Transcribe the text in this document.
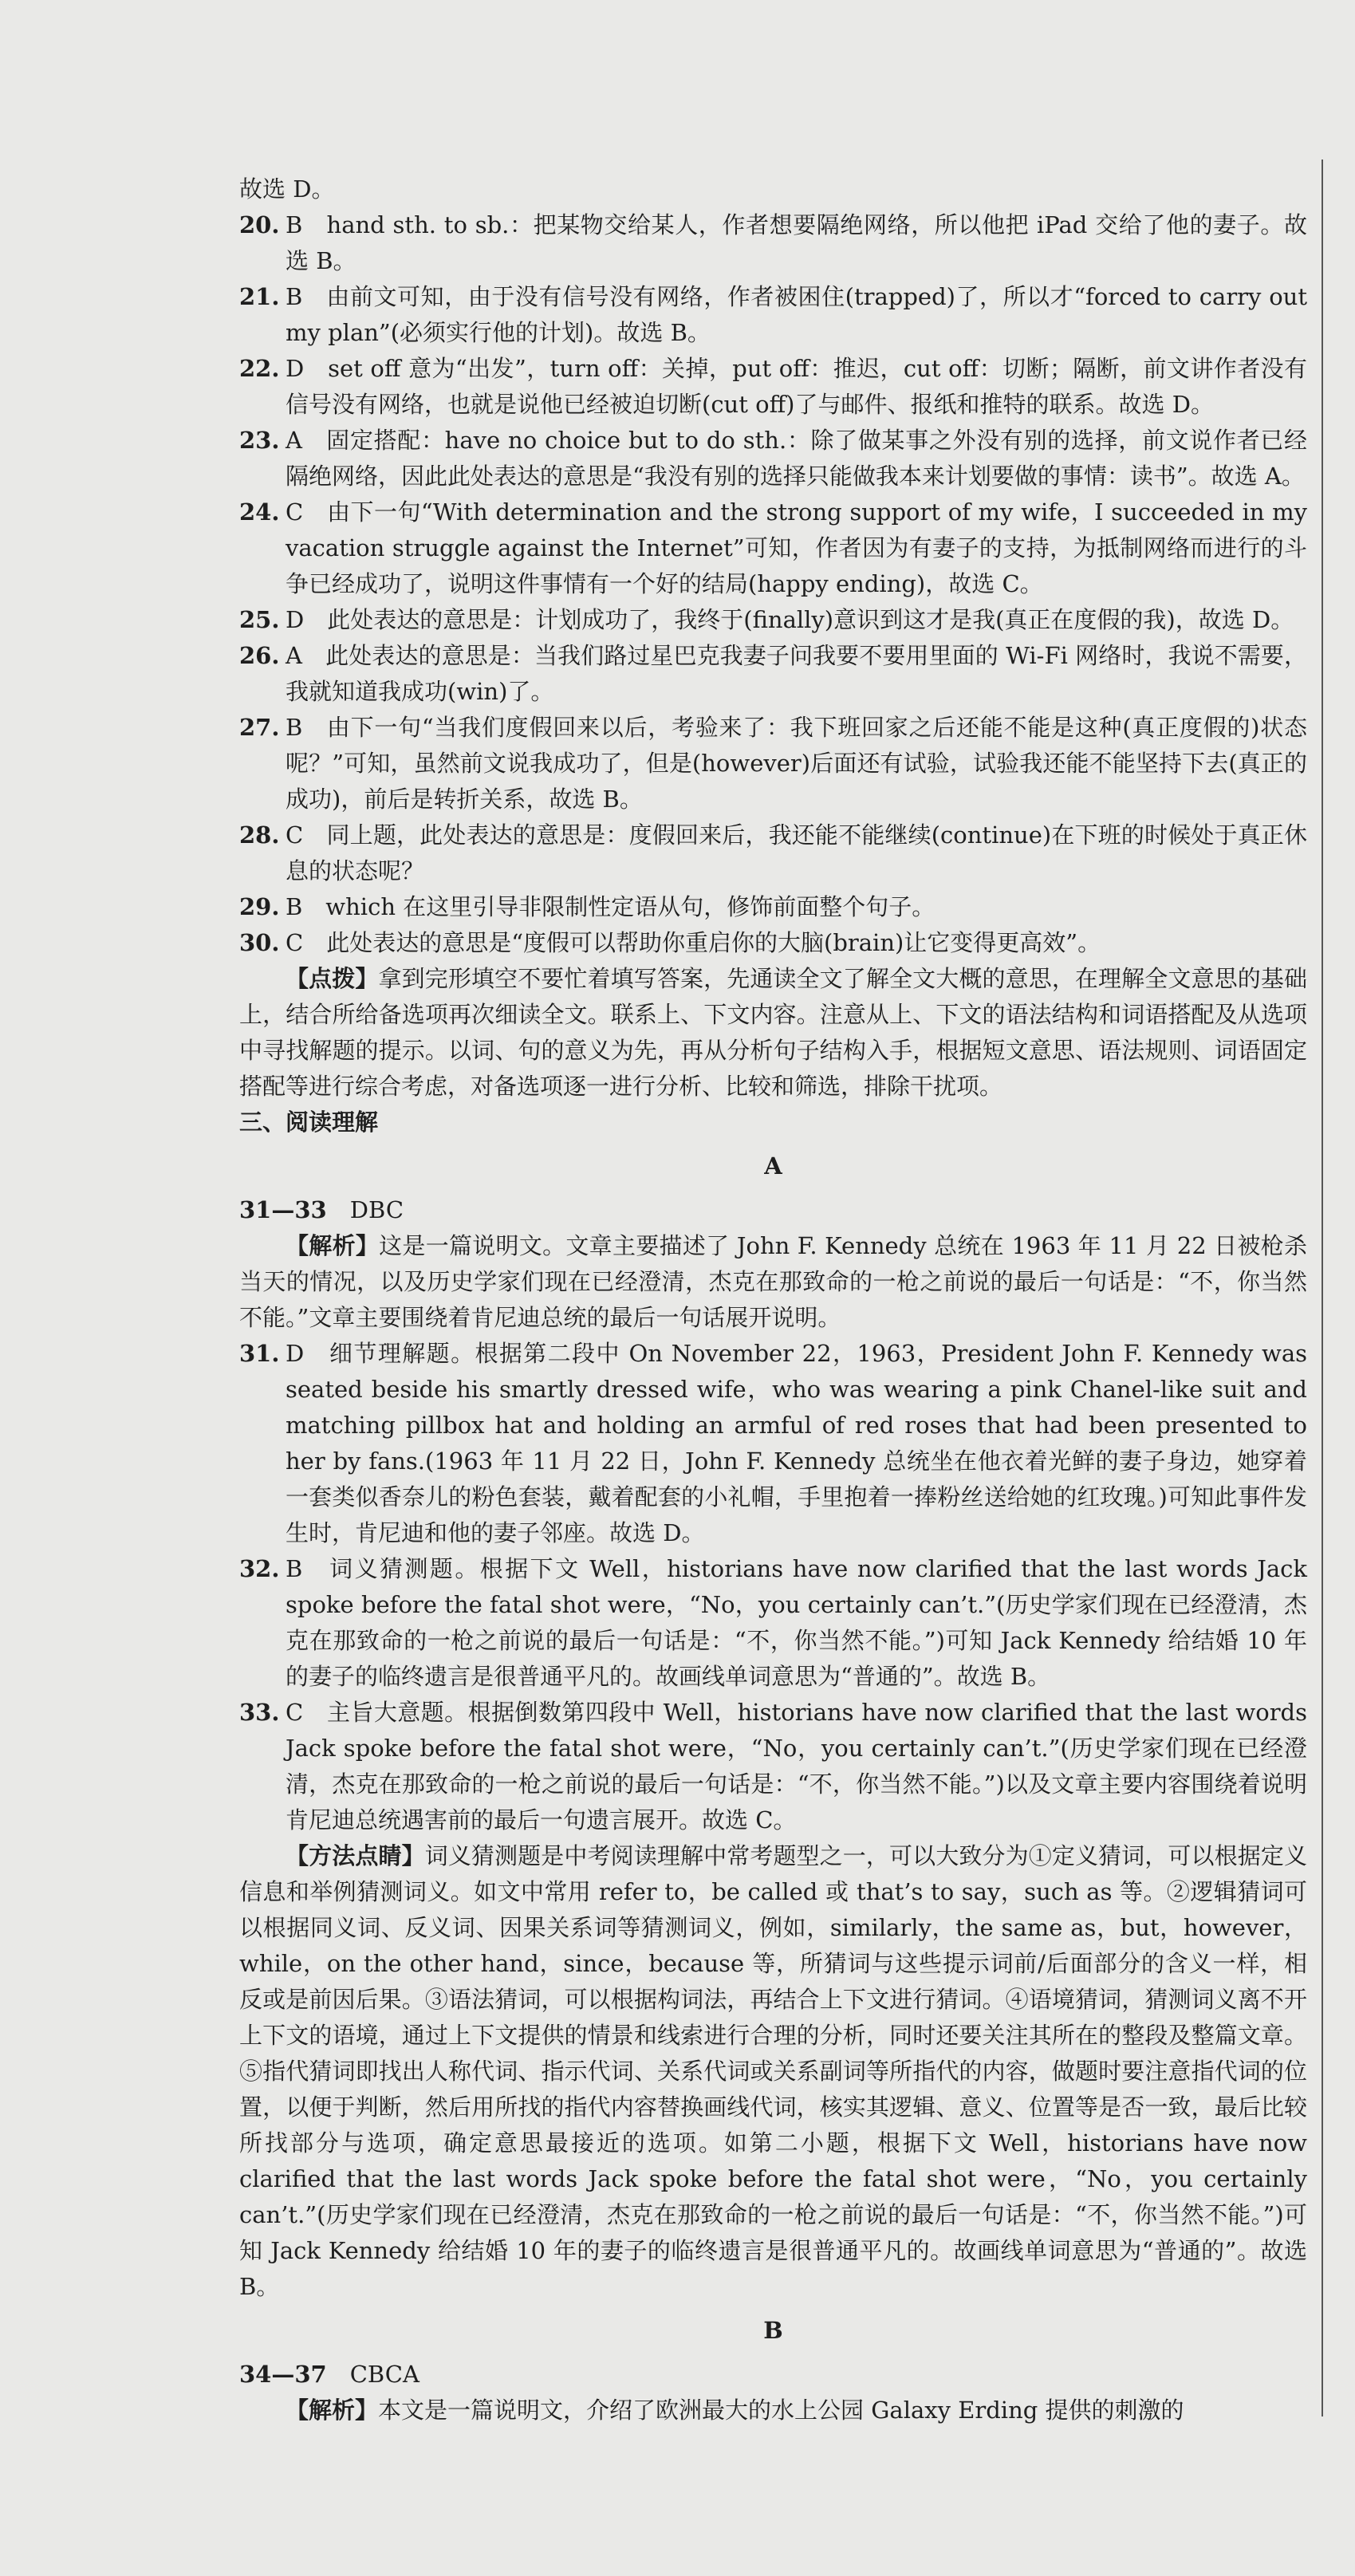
故选 D。

20. B　hand sth. to sb.：把某物交给某人，作者想要隔绝网络，所以他把 iPad 交给了他的妻子。故选 B。

21. B　由前文可知，由于没有信号没有网络，作者被困住(trapped)了，所以才“forced to carry out my plan”(必须实行他的计划)。故选 B。

22. D　set off 意为“出发”，turn off：关掉，put off：推迟，cut off：切断；隔断，前文讲作者没有信号没有网络，也就是说他已经被迫切断(cut off)了与邮件、报纸和推特的联系。故选 D。

23. A　固定搭配：have no choice but to do sth.：除了做某事之外没有别的选择，前文说作者已经隔绝网络，因此此处表达的意思是“我没有别的选择只能做我本来计划要做的事情：读书”。故选 A。

24. C　由下一句“With determination and the strong support of my wife，I succeeded in my vacation struggle against the Internet”可知，作者因为有妻子的支持，为抵制网络而进行的斗争已经成功了，说明这件事情有一个好的结局(happy ending)，故选 C。

25. D　此处表达的意思是：计划成功了，我终于(finally)意识到这才是我(真正在度假的我)，故选 D。

26. A　此处表达的意思是：当我们路过星巴克我妻子问我要不要用里面的 Wi-Fi 网络时，我说不需要，我就知道我成功(win)了。

27. B　由下一句“当我们度假回来以后，考验来了：我下班回家之后还能不能是这种(真正度假的)状态呢？”可知，虽然前文说我成功了，但是(however)后面还有试验，试验我还能不能坚持下去(真正的成功)，前后是转折关系，故选 B。

28. C　同上题，此处表达的意思是：度假回来后，我还能不能继续(continue)在下班的时候处于真正休息的状态呢？

29. B　which 在这里引导非限制性定语从句，修饰前面整个句子。

30. C　此处表达的意思是“度假可以帮助你重启你的大脑(brain)让它变得更高效”。

【点拨】拿到完形填空不要忙着填写答案，先通读全文了解全文大概的意思，在理解全文意思的基础上，结合所给备选项再次细读全文。联系上、下文内容。注意从上、下文的语法结构和词语搭配及从选项中寻找解题的提示。以词、句的意义为先，再从分析句子结构入手，根据短文意思、语法规则、词语固定搭配等进行综合考虑，对备选项逐一进行分析、比较和筛选，排除干扰项。

三、阅读理解

A

31—33　 DBC

【解析】这是一篇说明文。文章主要描述了 John F. Kennedy 总统在 1963 年 11 月 22 日被枪杀当天的情况，以及历史学家们现在已经澄清，杰克在那致命的一枪之前说的最后一句话是：“不，你当然不能。”文章主要围绕着肯尼迪总统的最后一句话展开说明。

31. D　细节理解题。根据第二段中 On November 22，1963，President John F. Kennedy was seated beside his smartly dressed wife，who was wearing a pink Chanel-like suit and matching pillbox hat and holding an armful of red roses that had been presented to her by fans.(1963 年 11 月 22 日，John F. Kennedy 总统坐在他衣着光鲜的妻子身边，她穿着一套类似香奈儿的粉色套装，戴着配套的小礼帽，手里抱着一捧粉丝送给她的红玫瑰。)可知此事件发生时，肯尼迪和他的妻子邻座。故选 D。

32. B　词义猜测题。根据下文 Well，historians have now clarified that the last words Jack spoke before the fatal shot were，“No，you certainly can’t.”(历史学家们现在已经澄清，杰克在那致命的一枪之前说的最后一句话是：“不，你当然不能。”)可知 Jack Kennedy 给结婚 10 年的妻子的临终遗言是很普通平凡的。故画线单词意思为“普通的”。故选 B。

33. C　主旨大意题。根据倒数第四段中 Well，historians have now clarified that the last words Jack spoke before the fatal shot were，“No，you certainly can’t.”(历史学家们现在已经澄清，杰克在那致命的一枪之前说的最后一句话是：“不，你当然不能。”)以及文章主要内容围绕着说明肯尼迪总统遇害前的最后一句遗言展开。故选 C。

【方法点睛】词义猜测题是中考阅读理解中常考题型之一，可以大致分为①定义猜词，可以根据定义信息和举例猜测词义。如文中常用 refer to，be called 或 that’s to say，such as 等。②逻辑猜词可以根据同义词、反义词、因果关系词等猜测词义，例如，similarly，the same as，but，however，while，on the other hand，since，because 等，所猜词与这些提示词前/后面部分的含义一样，相反或是前因后果。③语法猜词，可以根据构词法，再结合上下文进行猜词。④语境猜词，猜测词义离不开上下文的语境，通过上下文提供的情景和线索进行合理的分析，同时还要关注其所在的整段及整篇文章。⑤指代猜词即找出人称代词、指示代词、关系代词或关系副词等所指代的内容，做题时要注意指代词的位置，以便于判断，然后用所找的指代内容替换画线代词，核实其逻辑、意义、位置等是否一致，最后比较所找部分与选项，确定意思最接近的选项。如第二小题，根据下文 Well，historians have now clarified that the last words Jack spoke before the fatal shot were，“No，you certainly can’t.”(历史学家们现在已经澄清，杰克在那致命的一枪之前说的最后一句话是：“不，你当然不能。”)可知 Jack Kennedy 给结婚 10 年的妻子的临终遗言是很普通平凡的。故画线单词意思为“普通的”。故选 B。

B

34—37　 CBCA

【解析】本文是一篇说明文，介绍了欧洲最大的水上公园 Galaxy Erding 提供的刺激的
